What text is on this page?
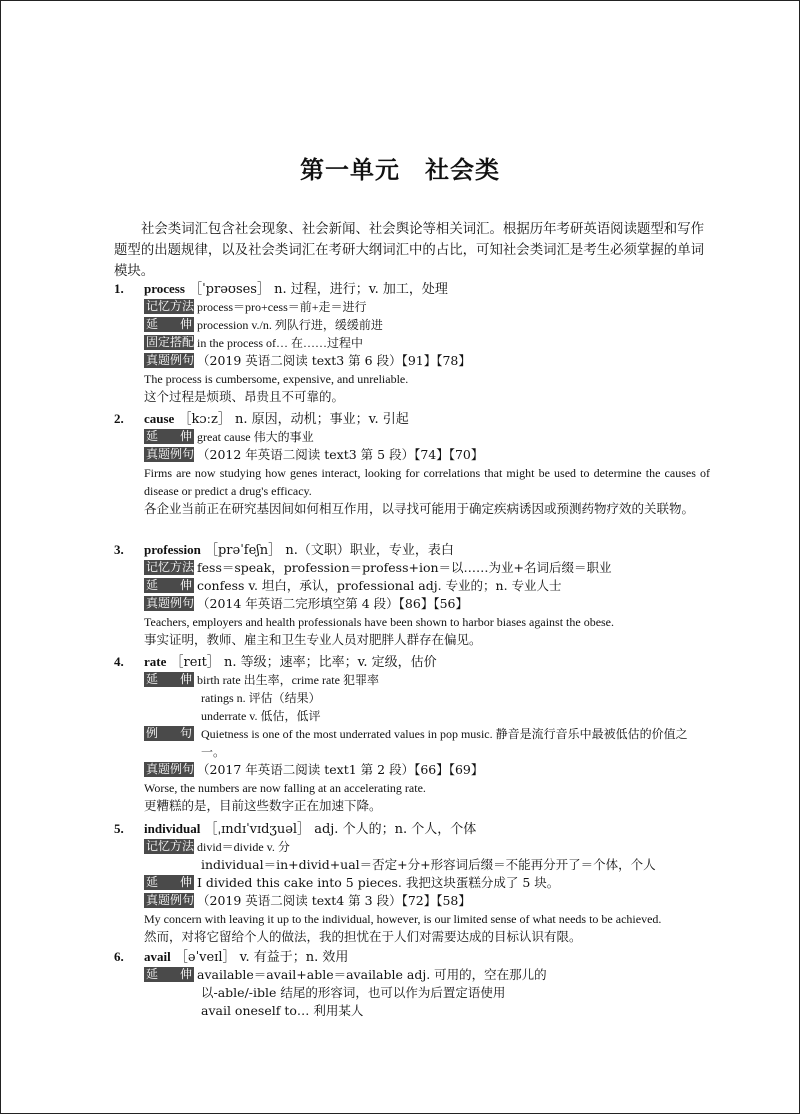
第一单元　社会类
社会类词汇包含社会现象、社会新闻、社会舆论等相关词汇。根据历年考研英语阅读题型和写作题型的出题规律，以及社会类词汇在考研大纲词汇中的占比，可知社会类词汇是考生必须掌握的单词模块。
1. process ［ˈprəʊses］ n. 过程，进行；v. 加工，处理
记忆方法 process＝pro+cess＝前+走＝进行
延　伸 procession v./n. 列队行进，缓缓前进
固定搭配 in the process of… 在……过程中
真题例句 （2019 英语二阅读 text3 第 6 段）【91】【78】
The process is cumbersome, expensive, and unreliable.
这个过程是烦琐、昂贵且不可靠的。
2. cause ［kɔːz］ n. 原因，动机；事业；v. 引起
延　伸 great cause 伟大的事业
真题例句 （2012 年英语二阅读 text3 第 5 段）【74】【70】
Firms are now studying how genes interact, looking for correlations that might be used to determine the causes of disease or predict a drug's efficacy.
各企业当前正在研究基因间如何相互作用，以寻找可能用于确定疾病诱因或预测药物疗效的关联物。
3. profession ［prəˈfeʃn］ n.（文职）职业，专业，表白
记忆方法 fess＝speak，profession＝profess+ion＝以……为业+名词后缀＝职业
延　伸 confess v. 坦白，承认，professional adj. 专业的；n. 专业人士
真题例句 （2014 年英语二完形填空第 4 段）【86】【56】
Teachers, employers and health professionals have been shown to harbor biases against the obese.
事实证明，教师、雇主和卫生专业人员对肥胖人群存在偏见。
4. rate ［reɪt］ n. 等级；速率；比率；v. 定级，估价
延　伸 birth rate 出生率，crime rate 犯罪率
ratings n. 评估（结果）
underrate v. 低估，低评
例　句 Quietness is one of the most underrated values in pop music. 静音是流行音乐中最被低估的价值之一。
真题例句 （2017 年英语二阅读 text1 第 2 段）【66】【69】
Worse, the numbers are now falling at an accelerating rate.
更糟糕的是，目前这些数字正在加速下降。
5. individual ［ˌɪndɪˈvɪdʒuəl］ adj. 个人的；n. 个人，个体
记忆方法 divid＝divide v. 分
individual＝in+divid+ual＝否定+分+形容词后缀＝不能再分开了＝个体，个人
延　伸 I divided this cake into 5 pieces. 我把这块蛋糕分成了 5 块。
真题例句 （2019 英语二阅读 text4 第 3 段）【72】【58】
My concern with leaving it up to the individual, however, is our limited sense of what needs to be achieved.
然而，对将它留给个人的做法，我的担忧在于人们对需要达成的目标认识有限。
6. avail ［əˈveɪl］ v. 有益于；n. 效用
延　伸 available＝avail+able＝available adj. 可用的，空在那儿的
以-able/-ible 结尾的形容词，也可以作为后置定语使用
avail oneself to… 利用某人
